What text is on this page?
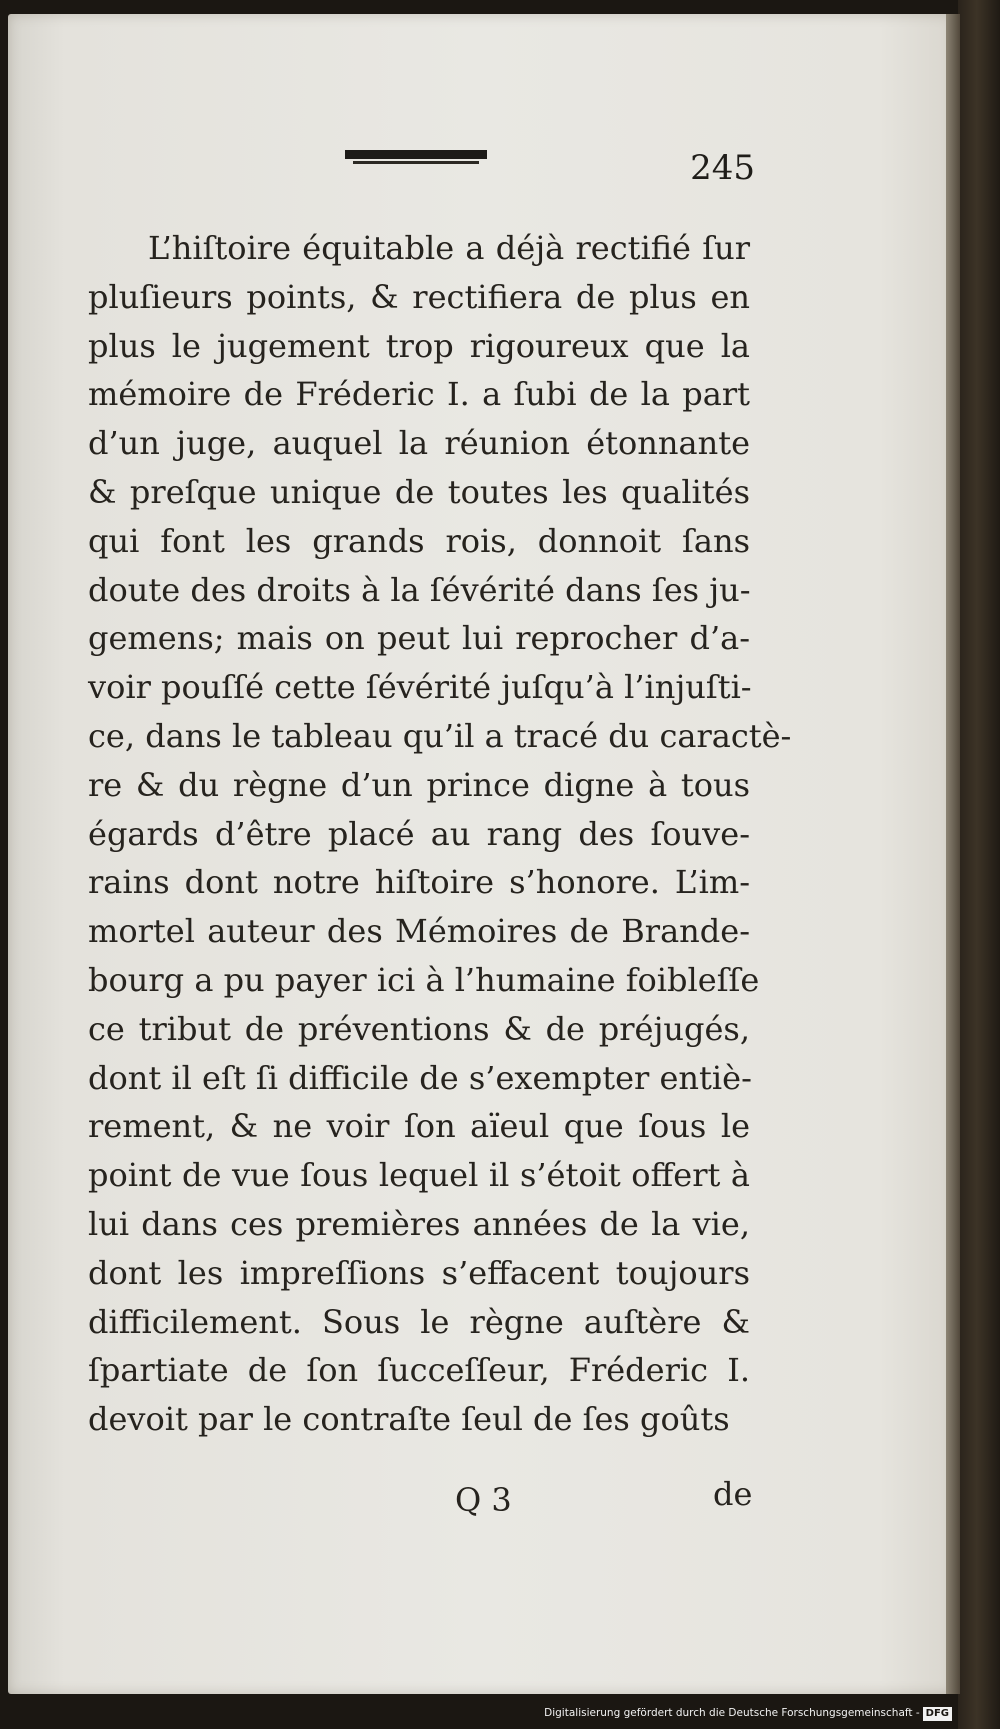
245
L’hiſtoire équitable a déjà rectifié ſur
pluſieurs points, & rectifiera de plus en
plus le jugement trop rigoureux que la
mémoire de Fréderic I. a ſubi de la part
d’un juge, auquel la réunion étonnante
& preſque unique de toutes les qualités
qui font les grands rois, donnoit ſans
doute des droits à la ſévérité dans ſes ju-
gemens; mais on peut lui reprocher d’a-
voir pouſſé cette ſévérité juſqu’à l’injuſti-
ce, dans le tableau qu’il a tracé du caractè-
re & du règne d’un prince digne à tous
égards d’être placé au rang des ſouve-
rains dont notre hiſtoire s’honore. L’im-
mortel auteur des Mémoires de Brande-
bourg a pu payer ici à l’humaine foibleſſe
ce tribut de préventions & de préjugés,
dont il eſt ſi difficile de s’exempter entiè-
rement, & ne voir ſon aïeul que ſous le
point de vue ſous lequel il s’étoit offert à
lui dans ces premières années de la vie,
dont les impreſſions s’effacent toujours
difficilement. Sous le règne auſtère &
ſpartiate de ſon ſucceſſeur, Fréderic I.
devoit par le contraſte ſeul de ſes goûts
Q 3	de
Digitalisierung gefördert durch die Deutsche Forschungsgemeinschaft - DFG
